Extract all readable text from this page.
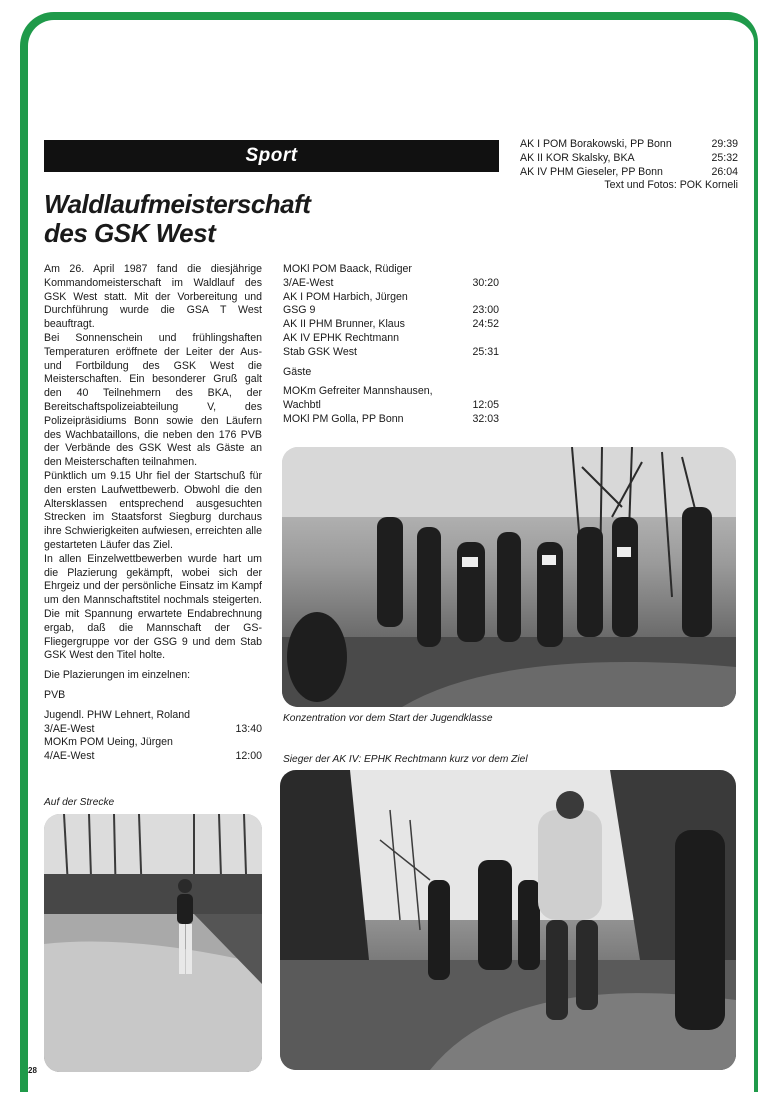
Sport
Waldlaufmeisterschaft
des GSK West

Am 26. April 1987 fand die diesjährige Kommandomeisterschaft im Waldlauf des GSK West statt. Mit der Vorbereitung und Durchführung wurde die GSA T West beauftragt.

Bei Sonnenschein und frühlingshaften Temperaturen eröffnete der Leiter der Aus- und Fortbildung des GSK West die Meisterschaften. Ein besonderer Gruß galt den 40 Teilnehmern des BKA, der Bereitschaftspolizeiabteilung V, des Polizeipräsidiums Bonn sowie den Läufern des Wachbataillons, die neben den 176 PVB der Verbände des GSK West als Gäste an den Meisterschaften teilnahmen.

Pünktlich um 9.15 Uhr fiel der Startschuß für den ersten Laufwettbewerb. Obwohl die den Altersklassen entsprechend ausgesuchten Strecken im Staatsforst Siegburg durchaus ihre Schwierigkeiten aufwiesen, erreichten alle gestarteten Läufer das Ziel.

In allen Einzelwettbewerben wurde hart um die Plazierung gekämpft, wobei sich der Ehrgeiz und der persönliche Einsatz im Kampf um den Mannschaftstitel nochmals steigerten. Die mit Spannung erwartete Endabrechnung ergab, daß die Mannschaft der GS-Fliegergruppe vor der GSG 9 und dem Stab GSK West den Titel holte.

Die Plazierungen im einzelnen:

PVB

Jugendl. PHW Lehnert, Roland
3/AE-West	13:40
MOKm POM Ueing, Jürgen
4/AE-West	12:00
MOKl POM Baack, Rüdiger
3/AE-West	30:20
AK I POM Harbich, Jürgen
GSG 9	23:00
AK II PHM Brunner, Klaus	24:52
AK IV EPHK Rechtmann
Stab GSK West	25:31
Gäste
MOKm Gefreiter Mannshausen,
Wachbtl	12:05
MOKl PM Golla, PP Bonn	32:03
AK I POM Borakowski, PP Bonn	29:39
AK II KOR Skalsky, BKA	25:32
AK IV PHM Gieseler, PP Bonn	26:04
Text und Fotos: POK Korneli
Konzentration vor dem Start der Jugendklasse
Sieger der AK IV: EPHK Rechtmann kurz vor dem Ziel
Auf der Strecke
28
